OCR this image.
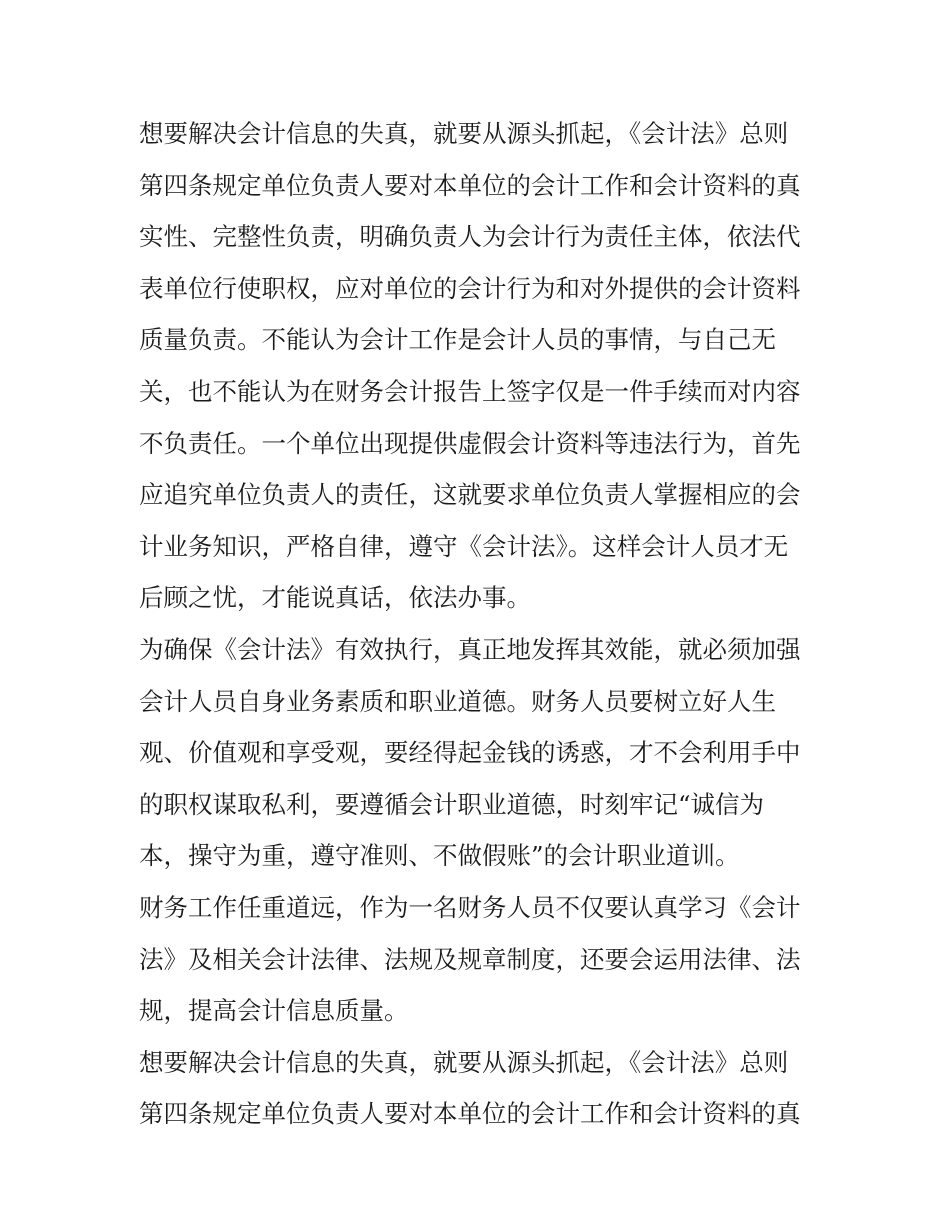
想要解决会计信息的失真，就要从源头抓起，《会计法》总则
第四条规定单位负责人要对本单位的会计工作和会计资料的真
实性、完整性负责，明确负责人为会计行为责任主体，依法代
表单位行使职权，应对单位的会计行为和对外提供的会计资料
质量负责。不能认为会计工作是会计人员的事情，与自己无
关，也不能认为在财务会计报告上签字仅是一件手续而对内容
不负责任。一个单位出现提供虚假会计资料等违法行为，首先
应追究单位负责人的责任，这就要求单位负责人掌握相应的会
计业务知识，严格自律，遵守《会计法》。这样会计人员才无
后顾之忧，才能说真话，依法办事。
为确保《会计法》有效执行，真正地发挥其效能，就必须加强
会计人员自身业务素质和职业道德。财务人员要树立好人生
观、价值观和享受观，要经得起金钱的诱惑，才不会利用手中
的职权谋取私利，要遵循会计职业道德，时刻牢记“诚信为
本，操守为重，遵守准则、不做假账”的会计职业道训。
财务工作任重道远，作为一名财务人员不仅要认真学习《会计
法》及相关会计法律、法规及规章制度，还要会运用法律、法
规，提高会计信息质量。
想要解决会计信息的失真，就要从源头抓起，《会计法》总则
第四条规定单位负责人要对本单位的会计工作和会计资料的真
